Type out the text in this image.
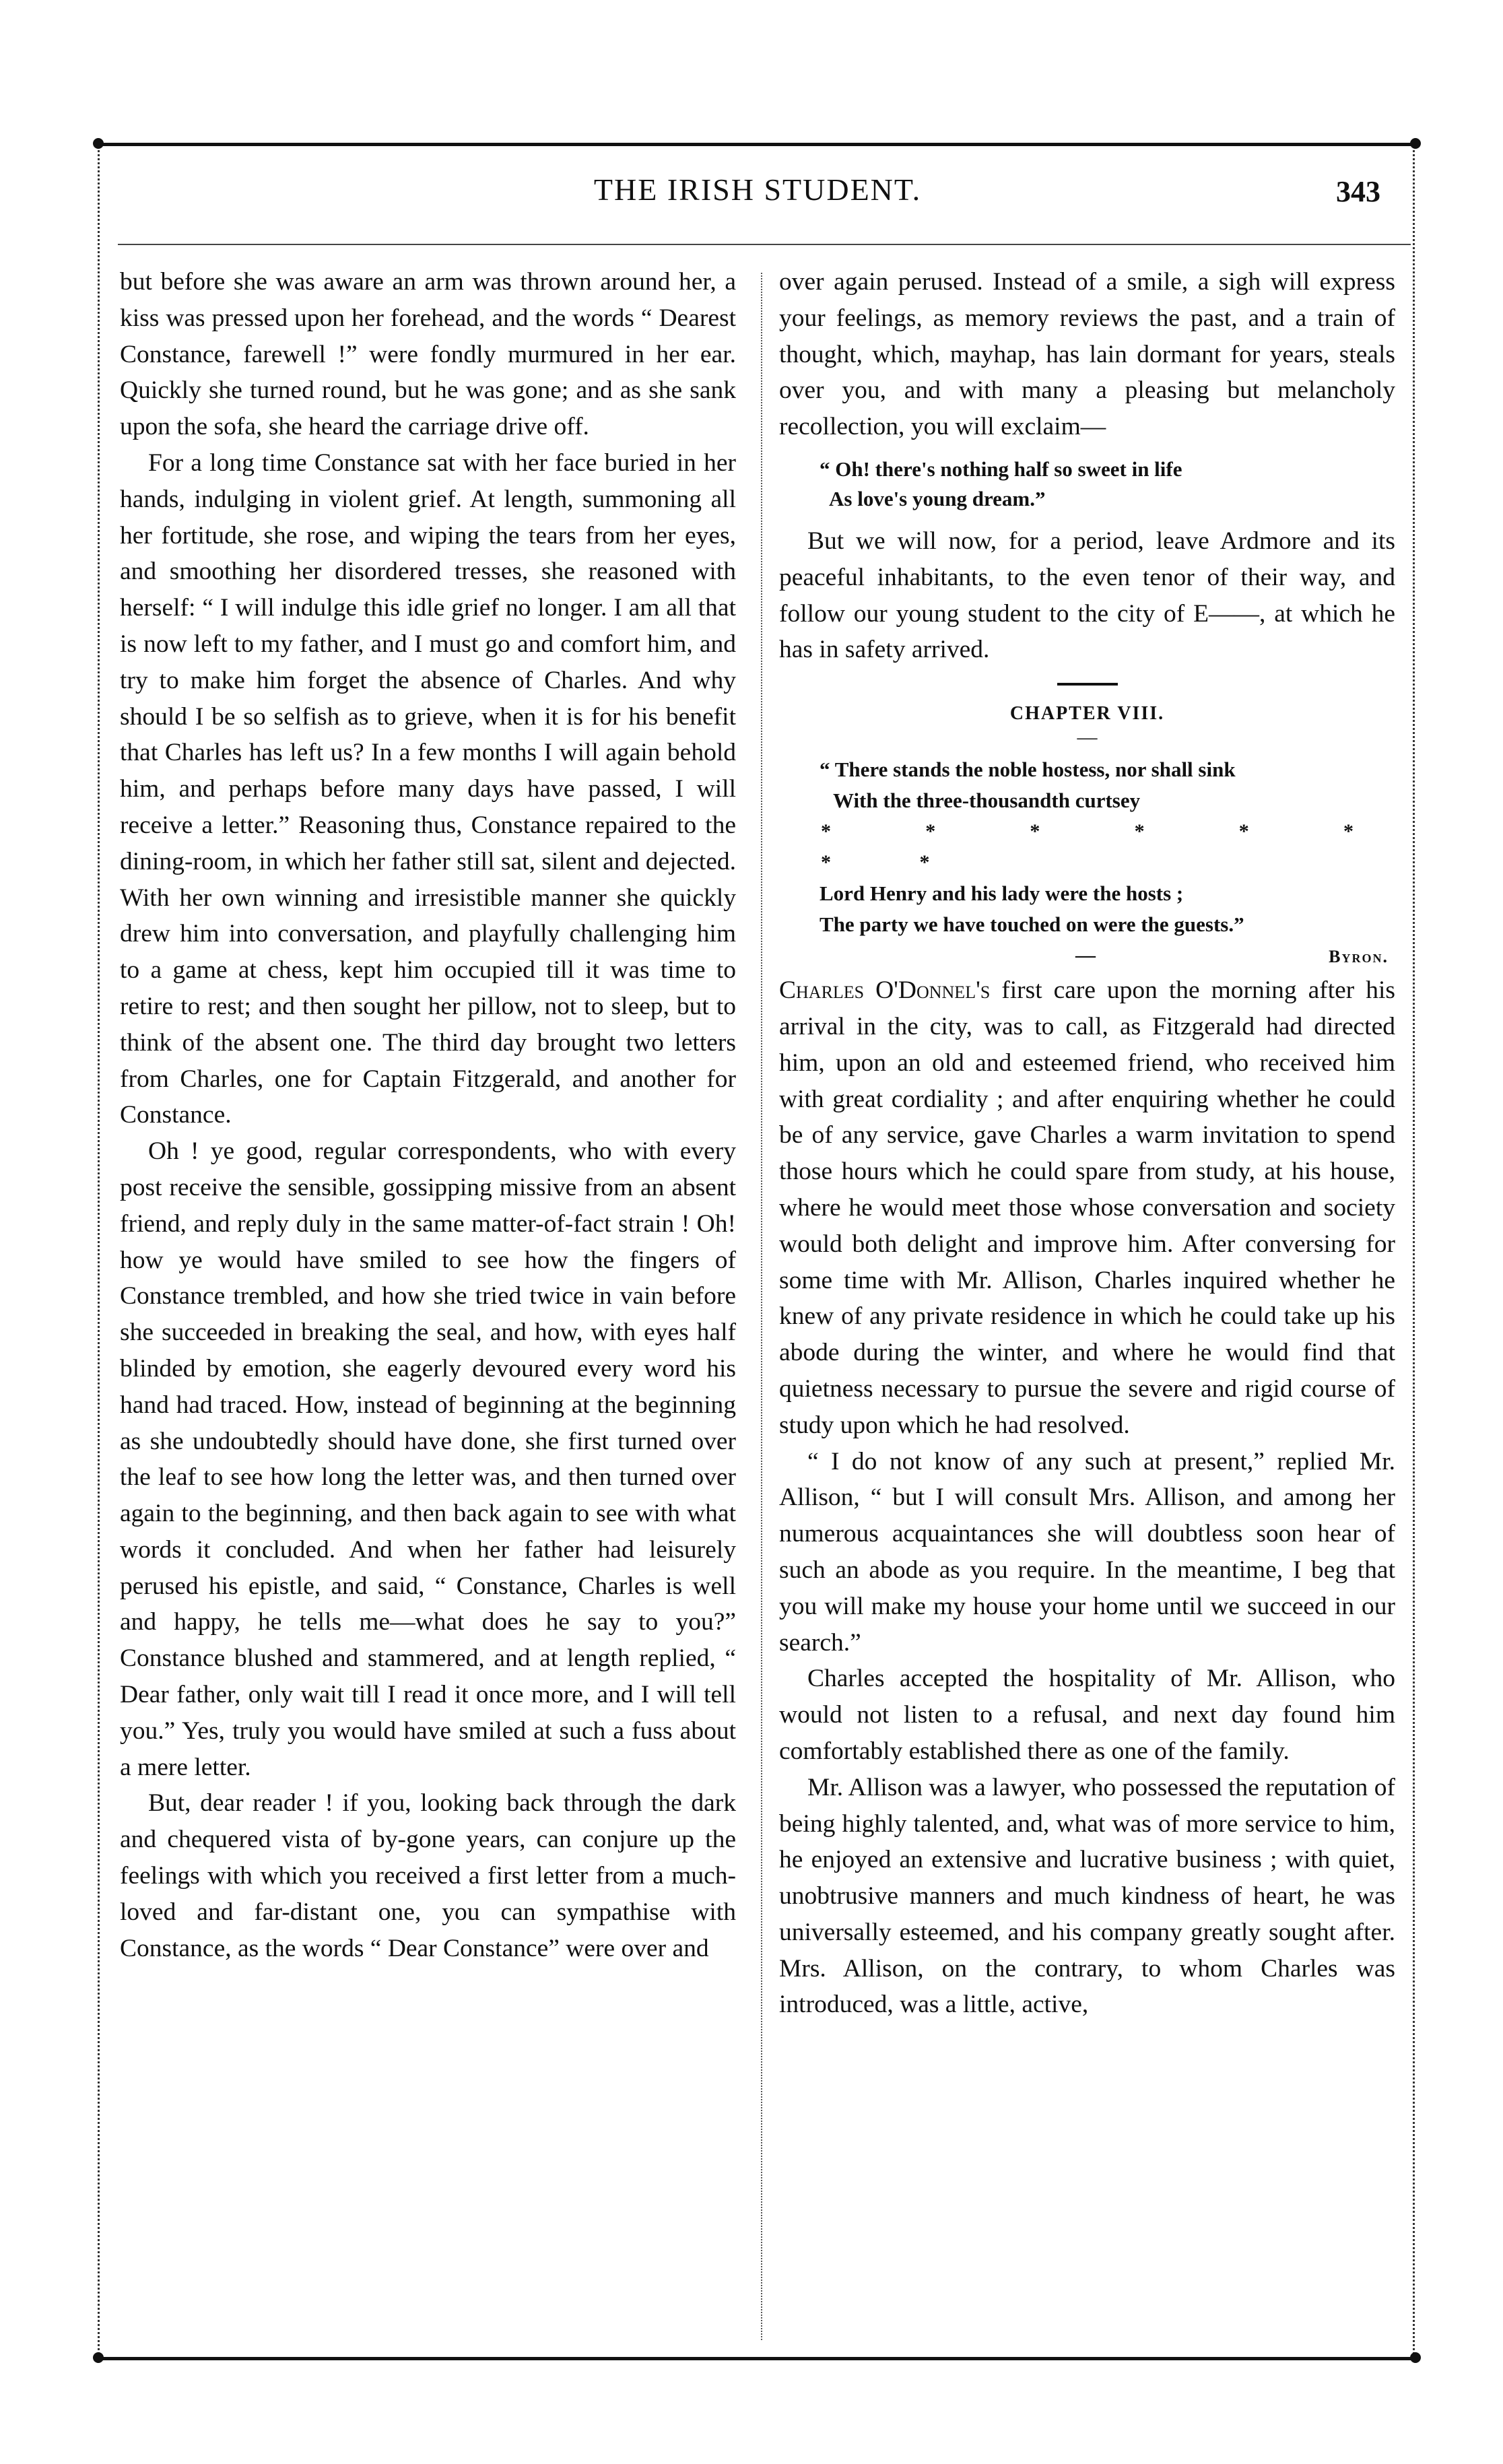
THE IRISH STUDENT.	343

but before she was aware an arm was thrown around her, a kiss was pressed upon her forehead, and the words “ Dearest Constance, farewell !” were fondly murmured in her ear. Quickly she turned round, but he was gone; and as she sank upon the sofa, she heard the carriage drive off.

For a long time Constance sat with her face buried in her hands, indulging in violent grief. At length, summoning all her fortitude, she rose, and wiping the tears from her eyes, and smoothing her disordered tresses, she reasoned with herself: “ I will indulge this idle grief no longer. I am all that is now left to my father, and I must go and comfort him, and try to make him forget the absence of Charles. And why should I be so selfish as to grieve, when it is for his benefit that Charles has left us? In a few months I will again behold him, and perhaps before many days have passed, I will receive a letter.” Reasoning thus, Constance repaired to the dining-room, in which her father still sat, silent and dejected. With her own winning and irresistible manner she quickly drew him into conversation, and playfully challenging him to a game at chess, kept him occupied till it was time to retire to rest; and then sought her pillow, not to sleep, but to think of the absent one. The third day brought two letters from Charles, one for Captain Fitzgerald, and another for Constance.

Oh ! ye good, regular correspondents, who with every post receive the sensible, gossipping missive from an absent friend, and reply duly in the same matter-of-fact strain ! Oh! how ye would have smiled to see how the fingers of Constance trembled, and how she tried twice in vain before she succeeded in breaking the seal, and how, with eyes half blinded by emotion, she eagerly devoured every word his hand had traced. How, instead of beginning at the beginning as she undoubtedly should have done, she first turned over the leaf to see how long the letter was, and then turned over again to the beginning, and then back again to see with what words it concluded. And when her father had leisurely perused his epistle, and said, “ Constance, Charles is well and happy, he tells me—what does he say to you?” Constance blushed and stammered, and at length replied, “ Dear father, only wait till I read it once more, and I will tell you.” Yes, truly you would have smiled at such a fuss about a mere letter.

But, dear reader ! if you, looking back through the dark and chequered vista of by-gone years, can conjure up the feelings with which you received a first letter from a much-loved and far-distant one, you can sympathise with Constance, as the words “ Dear Constance” were over and

over again perused. Instead of a smile, a sigh will express your feelings, as memory reviews the past, and a train of thought, which, mayhap, has lain dormant for years, steals over you, and with many a pleasing but melancholy recollection, you will exclaim—

“ Oh! there's nothing half so sweet in life
As love's young dream.”

But we will now, for a period, leave Ardmore and its peaceful inhabitants, to the even tenor of their way, and follow our young student to the city of E——, at which he has in safety arrived.

CHAPTER VIII.
—
“ There stands the noble hostess, nor shall sink
With the three-thousandth curtsey
* * * * * * * *
Lord Henry and his lady were the hosts ;
The party we have touched on were the guests.”
—	Byron.

Charles O'Donnel's first care upon the morning after his arrival in the city, was to call, as Fitzgerald had directed him, upon an old and esteemed friend, who received him with great cordiality ; and after enquiring whether he could be of any service, gave Charles a warm invitation to spend those hours which he could spare from study, at his house, where he would meet those whose conversation and society would both delight and improve him. After conversing for some time with Mr. Allison, Charles inquired whether he knew of any private residence in which he could take up his abode during the winter, and where he would find that quietness necessary to pursue the severe and rigid course of study upon which he had resolved.

“ I do not know of any such at present,” replied Mr. Allison, “ but I will consult Mrs. Allison, and among her numerous acquaintances she will doubtless soon hear of such an abode as you require. In the meantime, I beg that you will make my house your home until we succeed in our search.”

Charles accepted the hospitality of Mr. Allison, who would not listen to a refusal, and next day found him comfortably established there as one of the family.

Mr. Allison was a lawyer, who possessed the reputation of being highly talented, and, what was of more service to him, he enjoyed an extensive and lucrative business ; with quiet, unobtrusive manners and much kindness of heart, he was universally esteemed, and his company greatly sought after. Mrs. Allison, on the contrary, to whom Charles was introduced, was a little, active,
